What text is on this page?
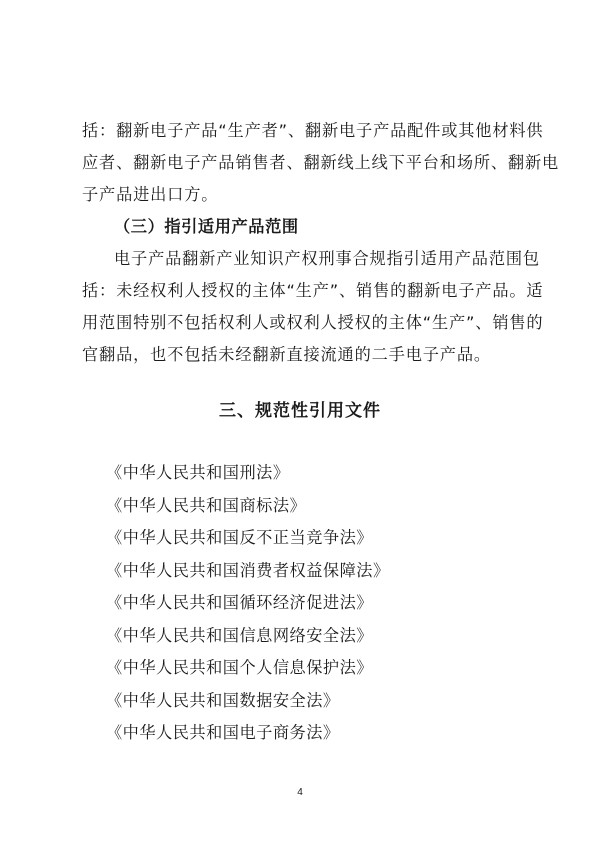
括：翻新电子产品“生产者”、翻新电子产品配件或其他材料供
应者、翻新电子产品销售者、翻新线上线下平台和场所、翻新电
子产品进出口方。
（三）指引适用产品范围
电子产品翻新产业知识产权刑事合规指引适用产品范围包
括：未经权利人授权的主体“生产”、销售的翻新电子产品。适
用范围特别不包括权利人或权利人授权的主体“生产”、销售的
官翻品，也不包括未经翻新直接流通的二手电子产品。
三、规范性引用文件
《中华人民共和国刑法》
《中华人民共和国商标法》
《中华人民共和国反不正当竞争法》
《中华人民共和国消费者权益保障法》
《中华人民共和国循环经济促进法》
《中华人民共和国信息网络安全法》
《中华人民共和国个人信息保护法》
《中华人民共和国数据安全法》
《中华人民共和国电子商务法》
4
